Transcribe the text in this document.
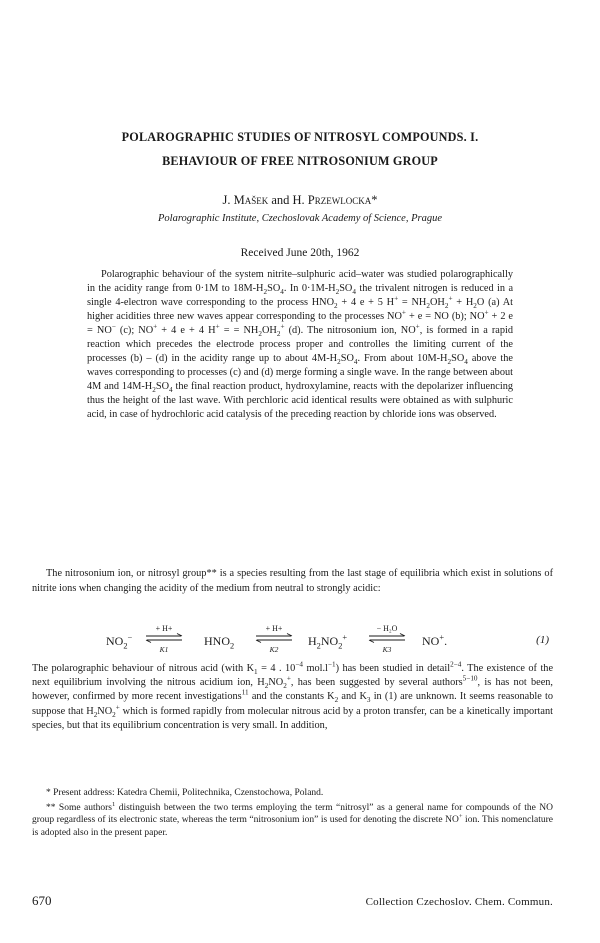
POLAROGRAPHIC STUDIES OF NITROSYL COMPOUNDS. I.
BEHAVIOUR OF FREE NITROSONIUM GROUP
J. Mašek and H. Przewlocka*
Polarographic Institute, Czechoslovak Academy of Science, Prague
Received June 20th, 1962

Polarographic behaviour of the system nitrite–sulphuric acid–water was studied polarographically in the acidity range from 0·1M to $18M-H_2SO_4$. In $0\cdot 1M-H_2SO_4$ the trivalent nitrogen is reduced in a single 4-electron wave corresponding to the process $HNO_2 + 4$ e + 5 $H^+ = NH_2OH_2^+ + H_2O$ (a) At higher acidities three new waves appear corresponding to the processes NO+ + e = NO (b); NO+ + 2 e = NO− (c); NO+ + 4 e + 4 H+ = = $NH_2OH_2^+$ (d). The nitrosonium ion, NO+, is formed in a rapid reaction which precedes the electrode process proper and controlles the limiting current of the processes (b) – (d) in the acidity range up to about $4M-H_2SO_4$. From about $10M-H_2SO_4$ above the waves corresponding to processes (c) and (d) merge forming a single wave. In the range between about 4M and $14M-H_2SO_4$ the final reaction product, hydroxylamine, reacts with the depolarizer influencing thus the height of the last wave. With perchloric acid identical results were obtained as with sulphuric acid, in case of hydrochloric acid catalysis of the preceding reaction by chloride ions was observed.

The nitrosonium ion, or nitrosyl group** is a species resulting from the last stage of equilibria which exist in solutions of nitrite ions when changing the acidity of the medium from neutral to strongly acidic:

$NO_2^-$
+ H+
K1
$HNO_2$
+ H+
K2
$H_2NO_2^+$
− H₂O
K3
NO+.	(1)

The polarographic behaviour of nitrous acid (with $K_1 = 4$ . $10^{-4}$ $mol.l^{-1}$) has been studied in detail$^{2-4}$. The existence of the next equilibrium involving the nitrous acidium ion, $H_2NO_2^+$, has been suggested by several authors$^{5-10}$, is has not been, however, confirmed by more recent investigations$^{11}$ and the constants $K_2$ and $K_3$ in (1) are unknown. It seems reasonable to suppose that $H_2NO_2^+$ which is formed rapidly from molecular nitrous acid by a proton transfer, can be a kinetically important species, but that its equilibrium concentration is very small. In addition,

* Present address: Katedra Chemii, Politechnika, Czenstochowa, Poland.

** Some authors$^1$ distinguish between the two terms employing the term “nitrosyl” as a general name for compounds of the NO group regardless of its electronic state, whereas the term “nitrosonium ion” is used for denoting the discrete NO+ ion. This nomenclature is adopted also in the present paper.

670	Collection Czechoslov. Chem. Commun.
